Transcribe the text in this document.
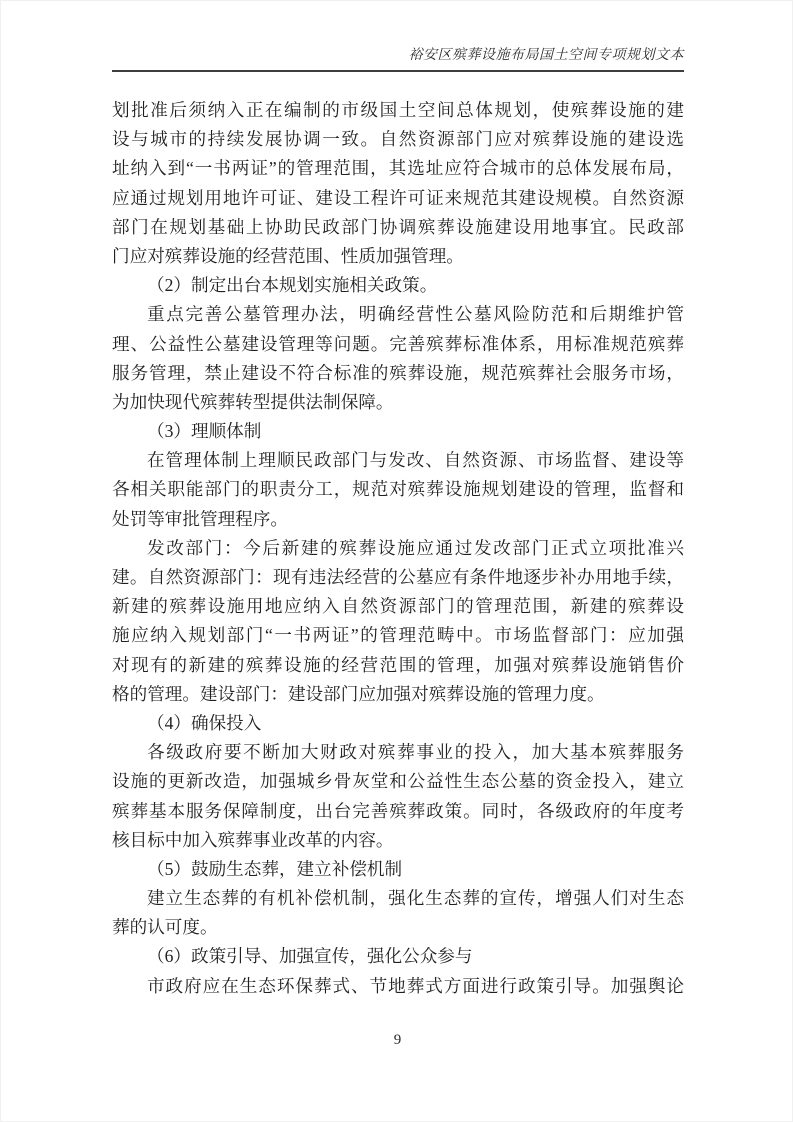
裕安区殡葬设施布局国土空间专项规划文本
划批准后须纳入正在编制的市级国土空间总体规划，使殡葬设施的建
设与城市的持续发展协调一致。自然资源部门应对殡葬设施的建设选
址纳入到“一书两证”的管理范围，其选址应符合城市的总体发展布局，
应通过规划用地许可证、建设工程许可证来规范其建设规模。自然资源
部门在规划基础上协助民政部门协调殡葬设施建设用地事宜。民政部
门应对殡葬设施的经营范围、性质加强管理。
（2）制定出台本规划实施相关政策。
重点完善公墓管理办法，明确经营性公墓风险防范和后期维护管
理、公益性公墓建设管理等问题。完善殡葬标准体系，用标准规范殡葬
服务管理，禁止建设不符合标准的殡葬设施，规范殡葬社会服务市场，
为加快现代殡葬转型提供法制保障。
（3）理顺体制
在管理体制上理顺民政部门与发改、自然资源、市场监督、建设等
各相关职能部门的职责分工，规范对殡葬设施规划建设的管理，监督和
处罚等审批管理程序。
发改部门：今后新建的殡葬设施应通过发改部门正式立项批准兴
建。自然资源部门：现有违法经营的公墓应有条件地逐步补办用地手续，
新建的殡葬设施用地应纳入自然资源部门的管理范围，新建的殡葬设
施应纳入规划部门“一书两证”的管理范畴中。市场监督部门：应加强
对现有的新建的殡葬设施的经营范围的管理，加强对殡葬设施销售价
格的管理。建设部门：建设部门应加强对殡葬设施的管理力度。
（4）确保投入
各级政府要不断加大财政对殡葬事业的投入，加大基本殡葬服务
设施的更新改造，加强城乡骨灰堂和公益性生态公墓的资金投入，建立
殡葬基本服务保障制度，出台完善殡葬政策。同时，各级政府的年度考
核目标中加入殡葬事业改革的内容。
（5）鼓励生态葬，建立补偿机制
建立生态葬的有机补偿机制，强化生态葬的宣传，增强人们对生态
葬的认可度。
（6）政策引导、加强宣传，强化公众参与
市政府应在生态环保葬式、节地葬式方面进行政策引导。加强舆论
9
